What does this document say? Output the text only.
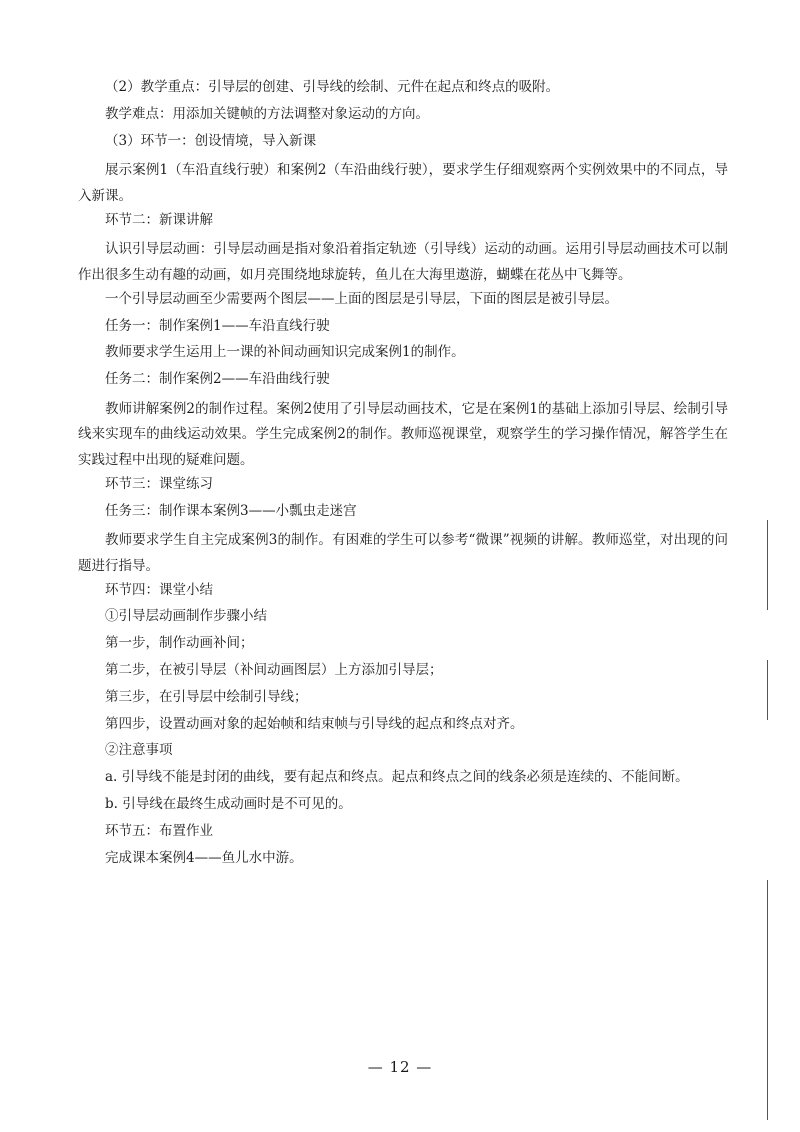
（2）教学重点：引导层的创建、引导线的绘制、元件在起点和终点的吸附。
教学难点：用添加关键帧的方法调整对象运动的方向。
（3）环节一：创设情境，导入新课
展示案例1（车沿直线行驶）和案例2（车沿曲线行驶），要求学生仔细观察两个实例效果中的不同点，导入新课。
环节二：新课讲解
认识引导层动画：引导层动画是指对象沿着指定轨迹（引导线）运动的动画。运用引导层动画技术可以制作出很多生动有趣的动画，如月亮围绕地球旋转，鱼儿在大海里遨游，蝴蝶在花丛中飞舞等。
一个引导层动画至少需要两个图层——上面的图层是引导层，下面的图层是被引导层。
任务一：制作案例1——车沿直线行驶
教师要求学生运用上一课的补间动画知识完成案例1的制作。
任务二：制作案例2——车沿曲线行驶
教师讲解案例2的制作过程。案例2使用了引导层动画技术，它是在案例1的基础上添加引导层、绘制引导线来实现车的曲线运动效果。学生完成案例2的制作。教师巡视课堂，观察学生的学习操作情况，解答学生在实践过程中出现的疑难问题。
环节三：课堂练习
任务三：制作课本案例3——小瓢虫走迷宫
教师要求学生自主完成案例3的制作。有困难的学生可以参考“微课”视频的讲解。教师巡堂，对出现的问题进行指导。
环节四：课堂小结
①引导层动画制作步骤小结
第一步，制作动画补间；
第二步，在被引导层（补间动画图层）上方添加引导层；
第三步，在引导层中绘制引导线；
第四步，设置动画对象的起始帧和结束帧与引导线的起点和终点对齐。
②注意事项
a. 引导线不能是封闭的曲线，要有起点和终点。起点和终点之间的线条必须是连续的、不能间断。
b. 引导线在最终生成动画时是不可见的。
环节五：布置作业
完成课本案例4——鱼儿水中游。
— 12 —
